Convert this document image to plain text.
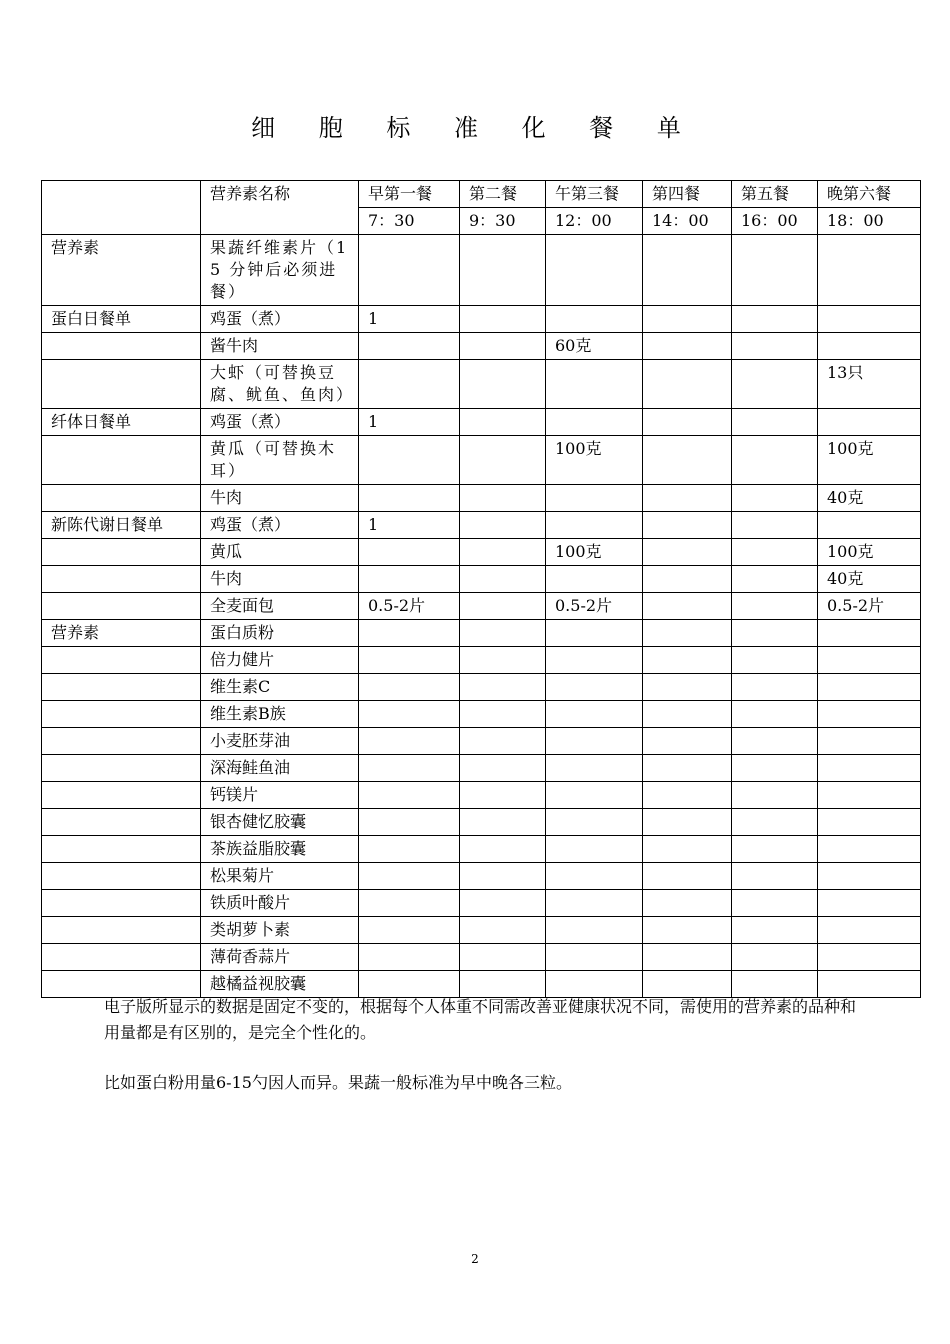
细 胞 标 准 化 餐 单
	营养素名称	早第一餐	第二餐	午第三餐	第四餐	第五餐	晚第六餐
		7：30	9：30	12：00	14：00	16：00	18：00
营养素	果蔬纤维素片（15 分钟后必须进餐）						
蛋白日餐单	鸡蛋（煮）	1					
	酱牛肉			60克			
	大虾（可替换豆腐、鱿鱼、鱼肉）						13只
纤体日餐单	鸡蛋（煮）	1					
	黄瓜（可替换木耳）			100克			100克
	牛肉						40克
新陈代谢日餐单	鸡蛋（煮）	1					
	黄瓜			100克			100克
	牛肉						40克
	全麦面包	0.5-2片		0.5-2片			0.5-2片
营养素	蛋白质粉						
	倍力健片						
	维生素C						
	维生素B族						
	小麦胚芽油						
	深海鲑鱼油						
	钙镁片						
	银杏健忆胶囊						
	茶族益脂胶囊						
	松果菊片						
	铁质叶酸片						
	类胡萝卜素						
	薄荷香蒜片						
	越橘益视胶囊						
电子版所显示的数据是固定不变的，根据每个人体重不同需改善亚健康状况不同，需使用的营养素的品种和用量都是有区别的，是完全个性化的。
比如蛋白粉用量6-15勺因人而异。果蔬一般标准为早中晚各三粒。
2
